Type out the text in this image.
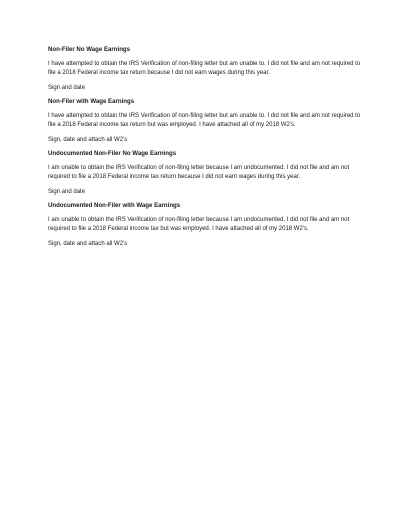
Non-Filer No Wage Earnings

I have attempted to obtain the IRS Verification of non-filing letter but am unable to. I did not file and am not required to file a 2018 Federal income tax return because I did not earn wages during this year.

Sign and date

Non-Filer with Wage Earnings

I have attempted to obtain the IRS Verification of non-filing letter but am unable to. I did not file and am not required to file a 2018 Federal income tax return but was employed. I have attached all of my 2018 W2’s.

Sign, date and attach all W2’s

Undocumented Non-Filer No Wage Earnings

I am unable to obtain the IRS Verification of non-filing letter because I am undocumented. I did not file and am not required to file a 2018 Federal income tax return because I did not earn wages during this year.

Sign and date

Undocumented Non-Filer with Wage Earnings

I am unable to obtain the IRS Verification of non-filing letter because I am undocumented. I did not file and am not required to file a 2018 Federal income tax but was employed. I have attached all of my 2018 W2’s.

Sign, date and attach all W2’s
